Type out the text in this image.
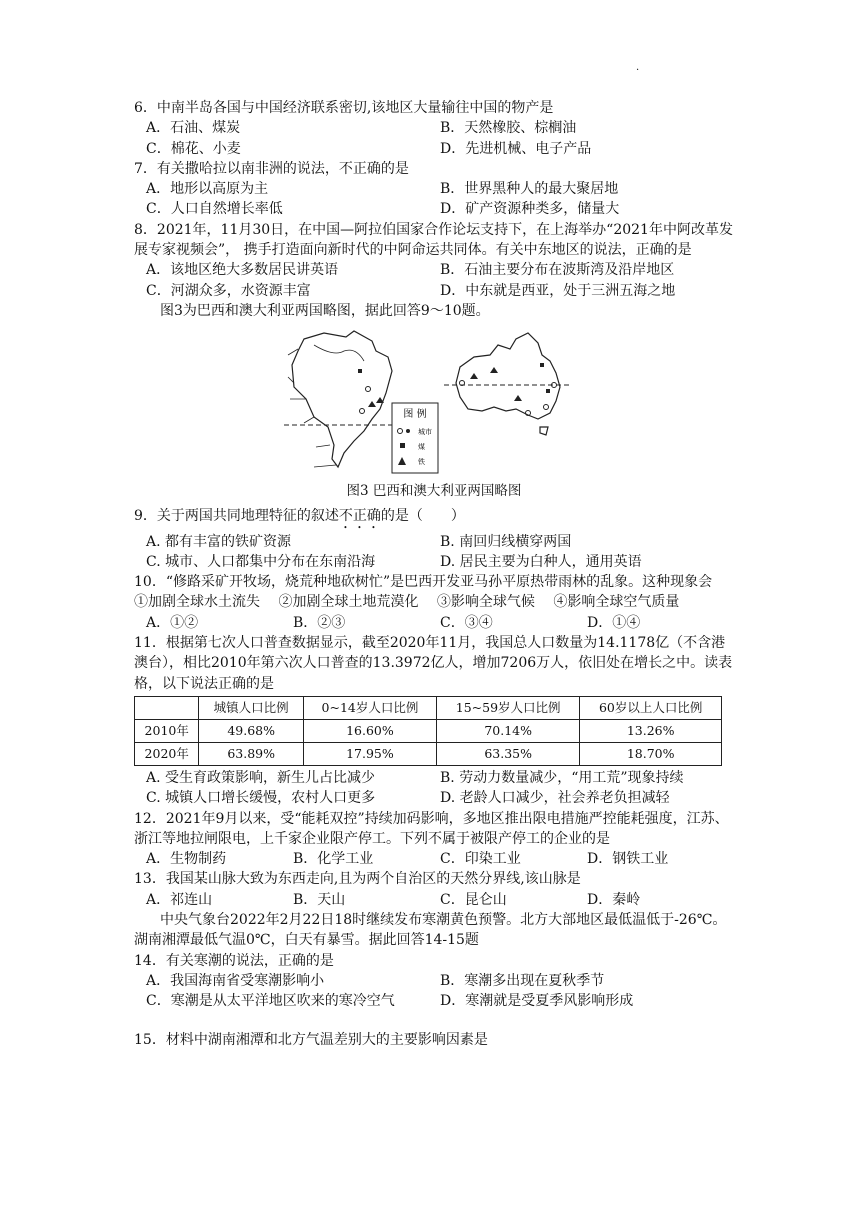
.

6．中南半岛各国与中国经济联系密切,该地区大量输往中国的物产是

A．石油、煤炭	B．天然橡胶、棕榈油
C．棉花、小麦	D．先进机械、电子产品

7．有关撒哈拉以南非洲的说法，不正确的是

A．地形以高原为主	B．世界黑种人的最大聚居地
C．人口自然增长率低	D．矿产资源种类多，储量大

8．2021年，11月30日，在中国—阿拉伯国家合作论坛支持下，在上海举办“2021年中阿改革发展专家视频会”， 携手打造面向新时代的中阿命运共同体。有关中东地区的说法，正确的是

A．该地区绝大多数居民讲英语	B．石油主要分布在波斯湾及沿岸地区
C．河湖众多，水资源丰富	D．中东就是西亚，处于三洲五海之地

图3为巴西和澳大利亚两国略图，据此回答9～10题。

图 例
城市
煤
铁

图3 巴西和澳大利亚两国略图

9．关于两国共同地理特征的叙述不正确的是（　　）

A. 都有丰富的铁矿资源	B. 南回归线横穿两国
C. 城市、人口都集中分布在东南沿海	D. 居民主要为白种人，通用英语

10．“修路采矿开牧场，烧荒种地砍树忙”是巴西开发亚马孙平原热带雨林的乱象。这种现象会

①加剧全球水土流失　 ②加剧全球土地荒漠化　 ③影响全球气候　 ④影响全球空气质量

A．①②	B．②③	C．③④	D．①④

11．根据第七次人口普查数据显示，截至2020年11月，我国总人口数量为14.1178亿（不含港澳台），相比2010年第六次人口普查的13.3972亿人，增加7206万人，依旧处在增长之中。读表格，以下说法正确的是

	城镇人口比例	0~14岁人口比例	15~59岁人口比例	60岁以上人口比例
2010年	49.68%	16.60%	70.14%	13.26%
2020年	63.89%	17.95%	63.35%	18.70%
A. 受生育政策影响，新生儿占比减少	B. 劳动力数量减少，“用工荒”现象持续
C. 城镇人口增长缓慢，农村人口更多	D. 老龄人口减少，社会养老负担减轻

12．2021年9月以来，受“能耗双控”持续加码影响，多地区推出限电措施严控能耗强度，江苏、浙江等地拉闸限电，上千家企业限产停工。下列不属于被限产停工的企业的是

A．生物制药	B．化学工业	C．印染工业	D．钢铁工业

13．我国某山脉大致为东西走向,且为两个自治区的天然分界线,该山脉是

A．祁连山	B．天山	C．昆仑山	D．秦岭

中央气象台2022年2月22日18时继续发布寒潮黄色预警。北方大部地区最低温低于-26℃。湖南湘潭最低气温0℃，白天有暴雪。据此回答14-15题

14．有关寒潮的说法，正确的是

A．我国海南省受寒潮影响小	B．寒潮多出现在夏秋季节
C．寒潮是从太平洋地区吹来的寒冷空气	D．寒潮就是受夏季风影响形成

15．材料中湖南湘潭和北方气温差别大的主要影响因素是
